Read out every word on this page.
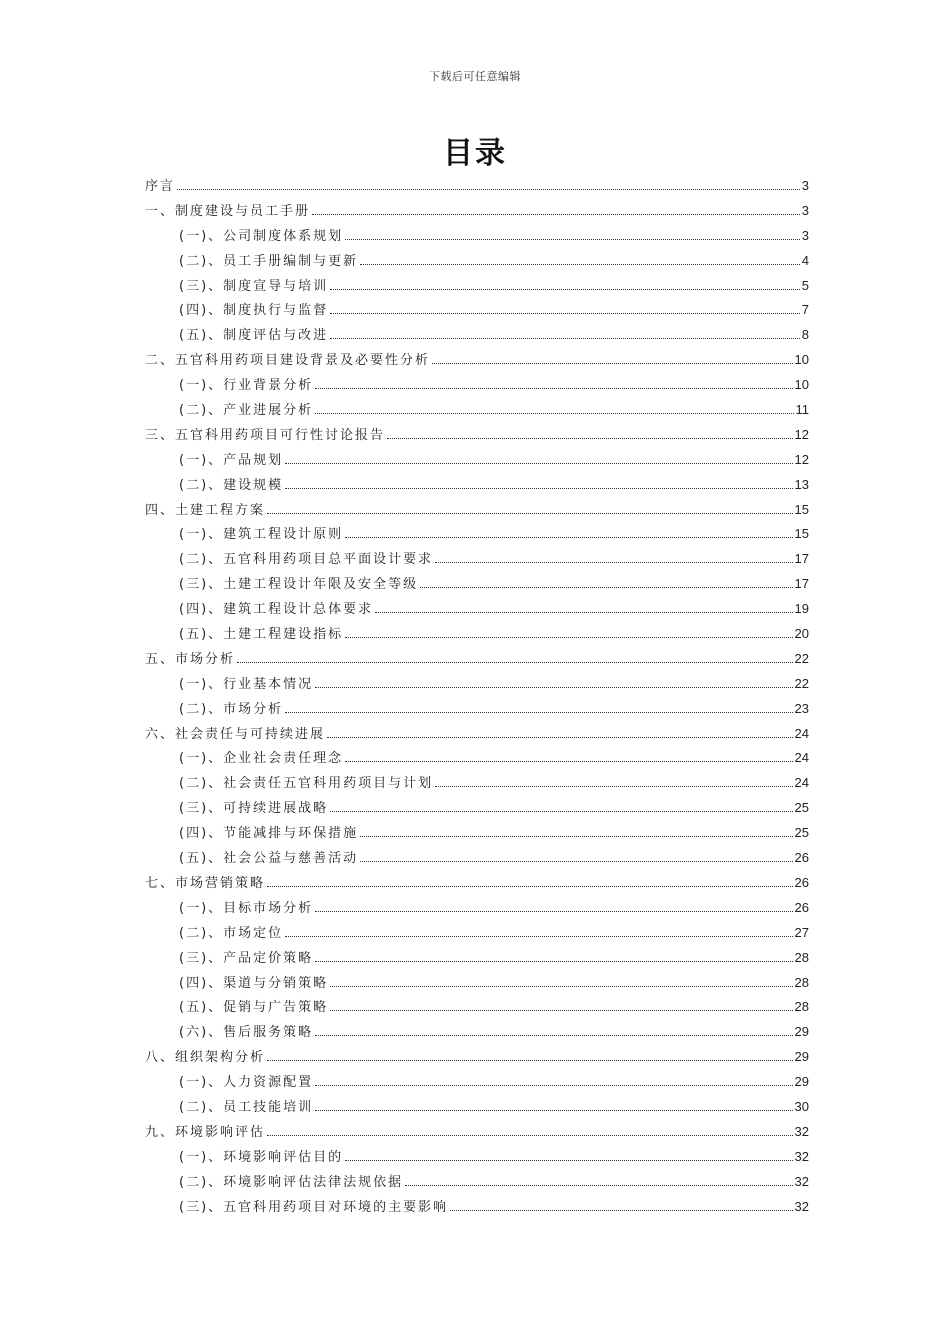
下载后可任意编辑
目录
序言	3
一、制度建设与员工手册	3
(一)、公司制度体系规划	3
(二)、员工手册编制与更新	4
(三)、制度宣导与培训	5
(四)、制度执行与监督	7
(五)、制度评估与改进	8
二、五官科用药项目建设背景及必要性分析	10
(一)、行业背景分析	10
(二)、产业进展分析	11
三、五官科用药项目可行性讨论报告	12
(一)、产品规划	12
(二)、建设规模	13
四、土建工程方案	15
(一)、建筑工程设计原则	15
(二)、五官科用药项目总平面设计要求	17
(三)、土建工程设计年限及安全等级	17
(四)、建筑工程设计总体要求	19
(五)、土建工程建设指标	20
五、市场分析	22
(一)、行业基本情况	22
(二)、市场分析	23
六、社会责任与可持续进展	24
(一)、企业社会责任理念	24
(二)、社会责任五官科用药项目与计划	24
(三)、可持续进展战略	25
(四)、节能减排与环保措施	25
(五)、社会公益与慈善活动	26
七、市场营销策略	26
(一)、目标市场分析	26
(二)、市场定位	27
(三)、产品定价策略	28
(四)、渠道与分销策略	28
(五)、促销与广告策略	28
(六)、售后服务策略	29
八、组织架构分析	29
(一)、人力资源配置	29
(二)、员工技能培训	30
九、环境影响评估	32
(一)、环境影响评估目的	32
(二)、环境影响评估法律法规依据	32
(三)、五官科用药项目对环境的主要影响	32
